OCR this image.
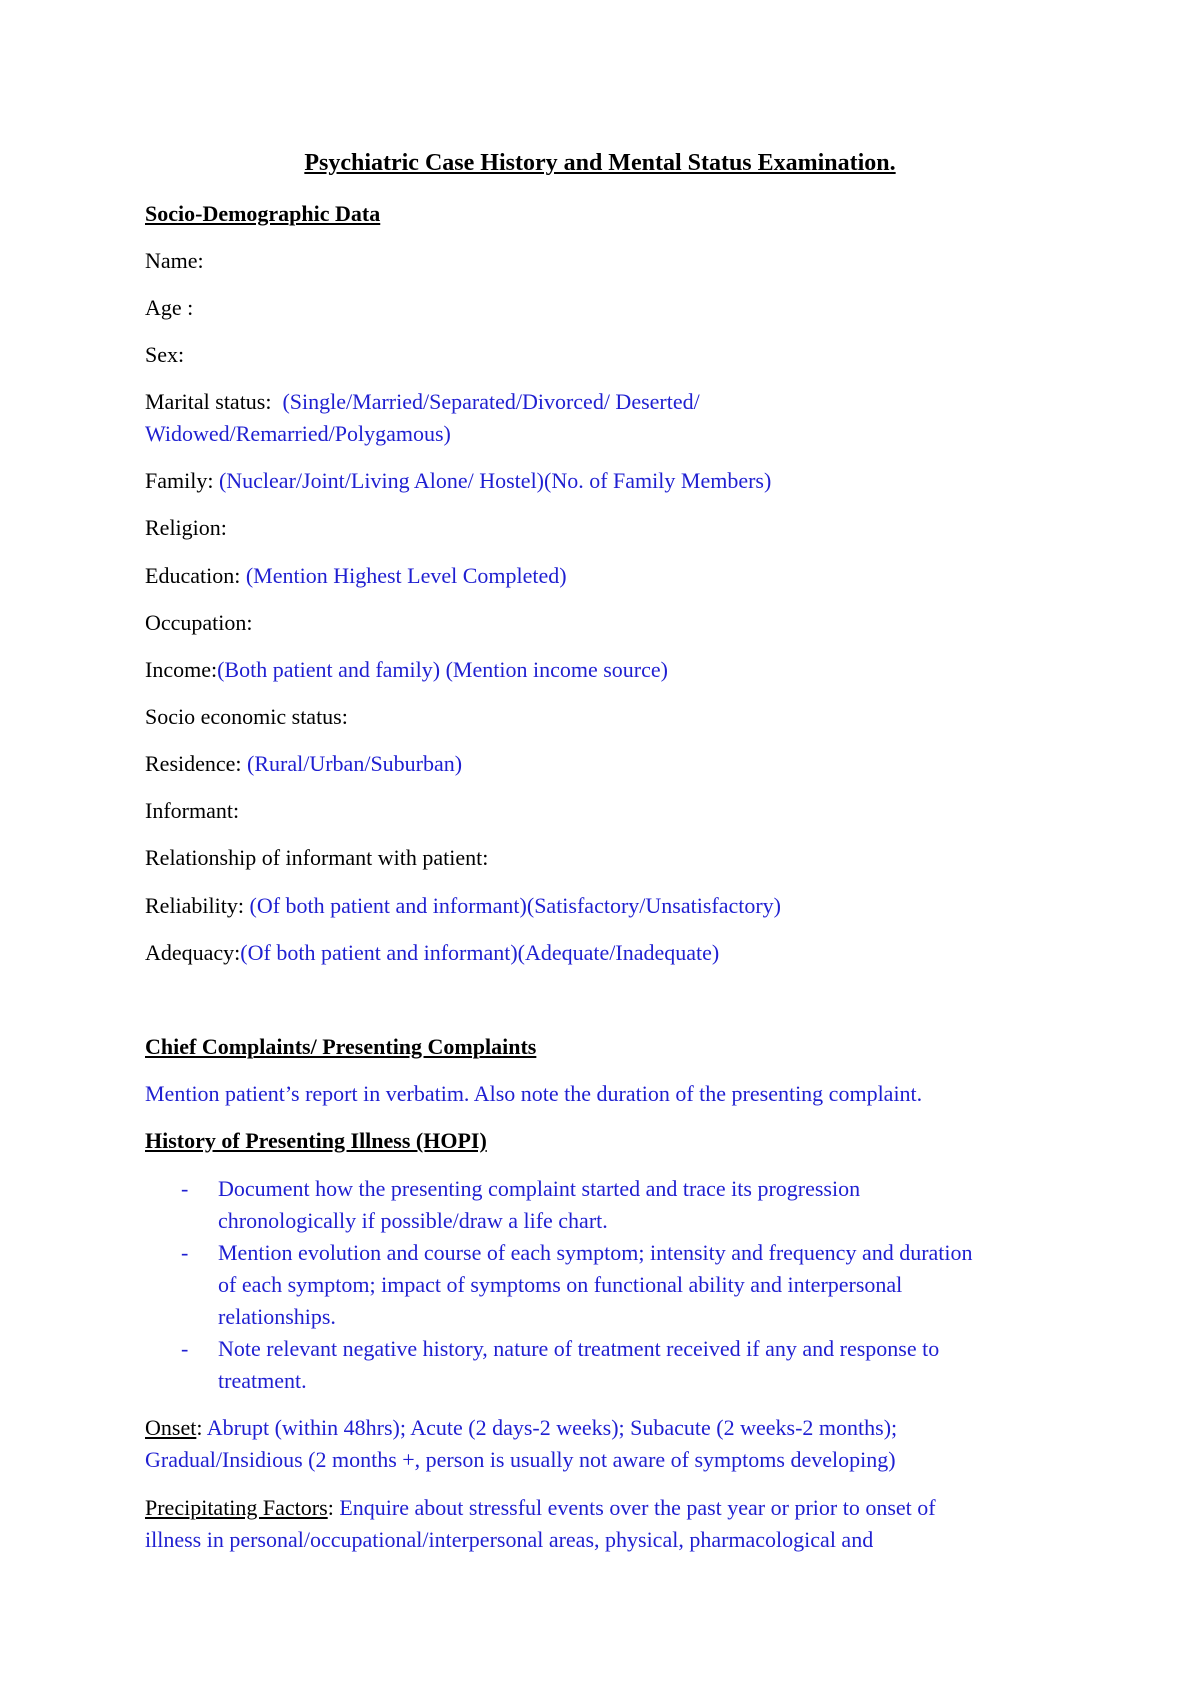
Psychiatric Case History and Mental Status Examination.
Socio-Demographic Data
Name:
Age :
Sex:
Marital status: (Single/Married/Separated/Divorced/ Deserted/
Widowed/Remarried/Polygamous)
Family: (Nuclear/Joint/Living Alone/ Hostel)(No. of Family Members)
Religion:
Education: (Mention Highest Level Completed)
Occupation:
Income:(Both patient and family) (Mention income source)
Socio economic status:
Residence: (Rural/Urban/Suburban)
Informant:
Relationship of informant with patient:
Reliability: (Of both patient and informant)(Satisfactory/Unsatisfactory)
Adequacy:(Of both patient and informant)(Adequate/Inadequate)
Chief Complaints/ Presenting Complaints
Mention patient’s report in verbatim. Also note the duration of the presenting complaint.
History of Presenting Illness (HOPI)
- Document how the presenting complaint started and trace its progression
chronologically if possible/draw a life chart.
- Mention evolution and course of each symptom; intensity and frequency and duration
of each symptom; impact of symptoms on functional ability and interpersonal
relationships.
- Note relevant negative history, nature of treatment received if any and response to
treatment.
Onset: Abrupt (within 48hrs); Acute (2 days-2 weeks); Subacute (2 weeks-2 months);
Gradual/Insidious (2 months +, person is usually not aware of symptoms developing)
Precipitating Factors: Enquire about stressful events over the past year or prior to onset of
illness in personal/occupational/interpersonal areas, physical, pharmacological and
